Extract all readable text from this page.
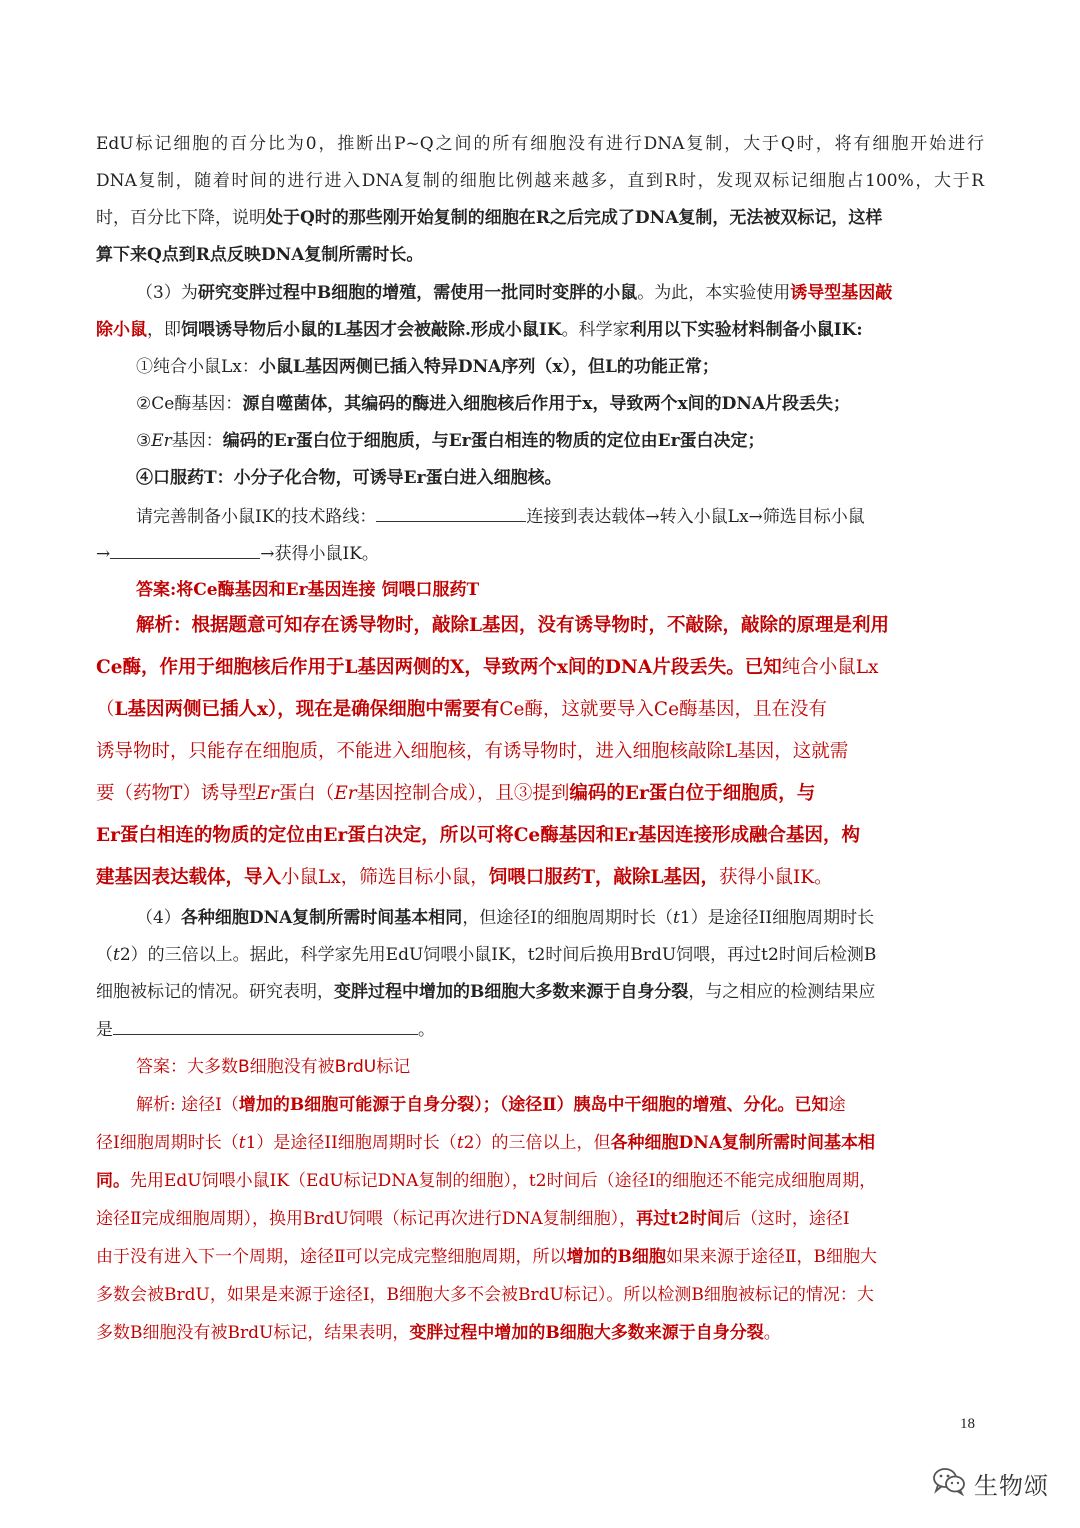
EdU标记细胞的百分比为0，推断出P~Q之间的所有细胞没有进行DNA复制，大于Q时，将有细胞开始进行
DNA复制，随着时间的进行进入DNA复制的细胞比例越来越多，直到R时，发现双标记细胞占100%，大于R
时，百分比下降，说明处于Q时的那些刚开始复制的细胞在R之后完成了DNA复制，无法被双标记，这样
算下来Q点到R点反映DNA复制所需时长。
（3）为研究变胖过程中B细胞的增殖，需使用一批同时变胖的小鼠。为此，本实验使用诱导型基因敲
除小鼠，即饲喂诱导物后小鼠的L基因才会被敲除.形成小鼠IK。科学家利用以下实验材料制备小鼠IK:
①纯合小鼠Lx：小鼠L基因两侧已插入特异DNA序列（x），但L的功能正常；
②Ce酶基因：源自噬菌体，其编码的酶进入细胞核后作用于x，导致两个x间的DNA片段丢失；
③Er基因：编码的Er蛋白位于细胞质，与Er蛋白相连的物质的定位由Er蛋白决定；
④口服药T：小分子化合物，可诱导Er蛋白进入细胞核。
请完善制备小鼠IK的技术路线：	连接到表达载体→转入小鼠Lx→筛选目标小鼠
→	→获得小鼠IK。
答案:将Ce酶基因和Er基因连接 饲喂口服药T
解析：根据题意可知存在诱导物时，敲除L基因，没有诱导物时，不敲除，敲除的原理是利用
Ce酶，作用于细胞核后作用于L基因两侧的X，导致两个x间的DNA片段丢失。已知纯合小鼠Lx
（L基因两侧已插人x），现在是确保细胞中需要有Ce酶，这就要导入Ce酶基因，且在没有
诱导物时，只能存在细胞质，不能进入细胞核，有诱导物时，进入细胞核敲除L基因，这就需
要（药物T）诱导型Er蛋白（Er基因控制合成），且③提到编码的Er蛋白位于细胞质，与
Er蛋白相连的物质的定位由Er蛋白决定，所以可将Ce酶基因和Er基因连接形成融合基因，构
建基因表达载体，导入小鼠Lx，筛选目标小鼠，饲喂口服药T，敲除L基因，获得小鼠IK。
（4）各种细胞DNA复制所需时间基本相同，但途径I的细胞周期时长（t1）是途径II细胞周期时长
（t2）的三倍以上。据此，科学家先用EdU饲喂小鼠IK，t2时间后换用BrdU饲喂，再过t2时间后检测B
细胞被标记的情况。研究表明，变胖过程中增加的B细胞大多数来源于自身分裂，与之相应的检测结果应
是	。
答案：大多数B细胞没有被BrdU标记
解析: 途径I（增加的B细胞可能源于自身分裂）；（途径Ⅱ）胰岛中干细胞的增殖、分化。已知途
径I细胞周期时长（t1）是途径II细胞周期时长（t2）的三倍以上，但各种细胞DNA复制所需时间基本相
同。先用EdU饲喂小鼠IK（EdU标记DNA复制的细胞），t2时间后（途径I的细胞还不能完成细胞周期，
途径Ⅱ完成细胞周期），换用BrdU饲喂（标记再次进行DNA复制细胞），再过t2时间后（这时，途径I
由于没有进入下一个周期，途径Ⅱ可以完成完整细胞周期，所以增加的B细胞如果来源于途径Ⅱ，B细胞大
多数会被BrdU，如果是来源于途径I，B细胞大多不会被BrdU标记）。所以检测B细胞被标记的情况：大
多数B细胞没有被BrdU标记，结果表明，变胖过程中增加的B细胞大多数来源于自身分裂。
18
生物颂
